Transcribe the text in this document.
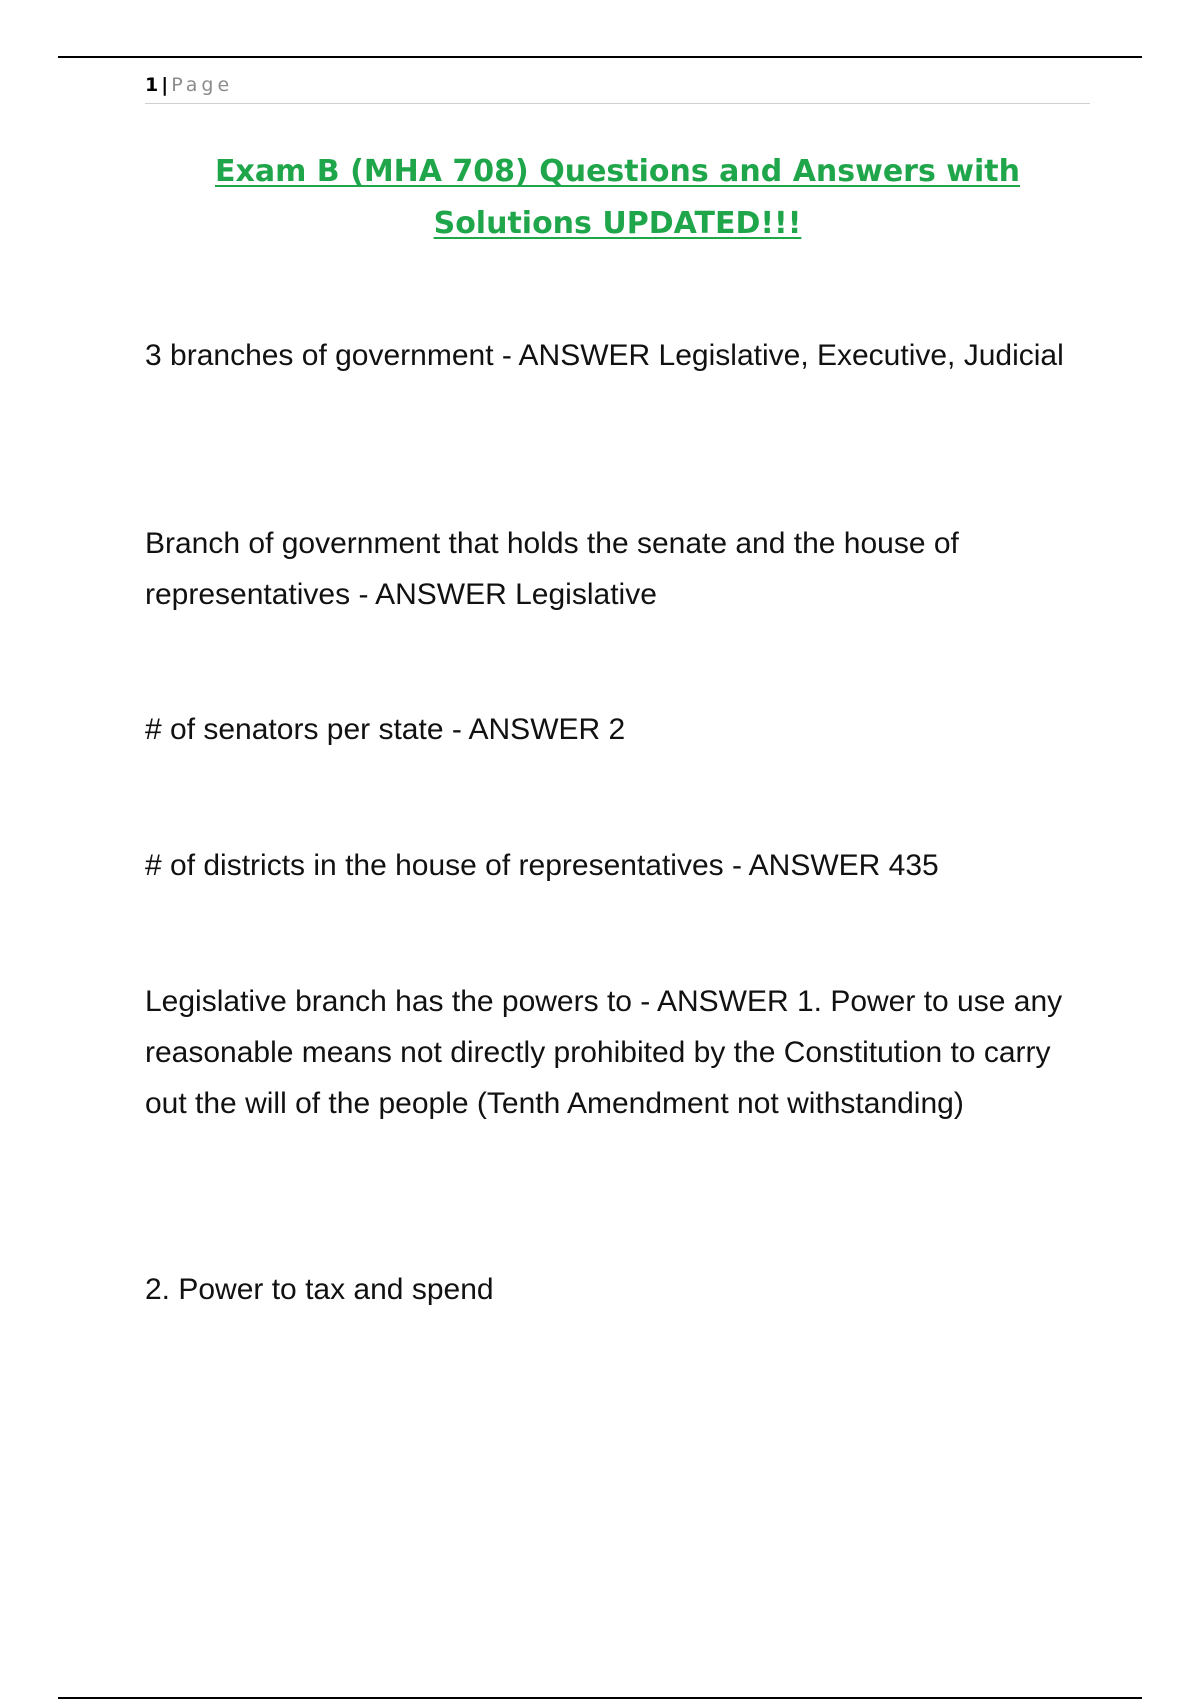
1 | Page
Exam B (MHA 708) Questions and Answers with
Solutions UPDATED!!!

3 branches of government - ANSWER Legislative, Executive, Judicial

Branch of government that holds the senate and the house of representatives - ANSWER Legislative

# of senators per state - ANSWER 2

# of districts in the house of representatives - ANSWER 435

Legislative branch has the powers to - ANSWER 1. Power to use any reasonable means not directly prohibited by the Constitution to carry out the will of the people (Tenth Amendment not withstanding)

2. Power to tax and spend
